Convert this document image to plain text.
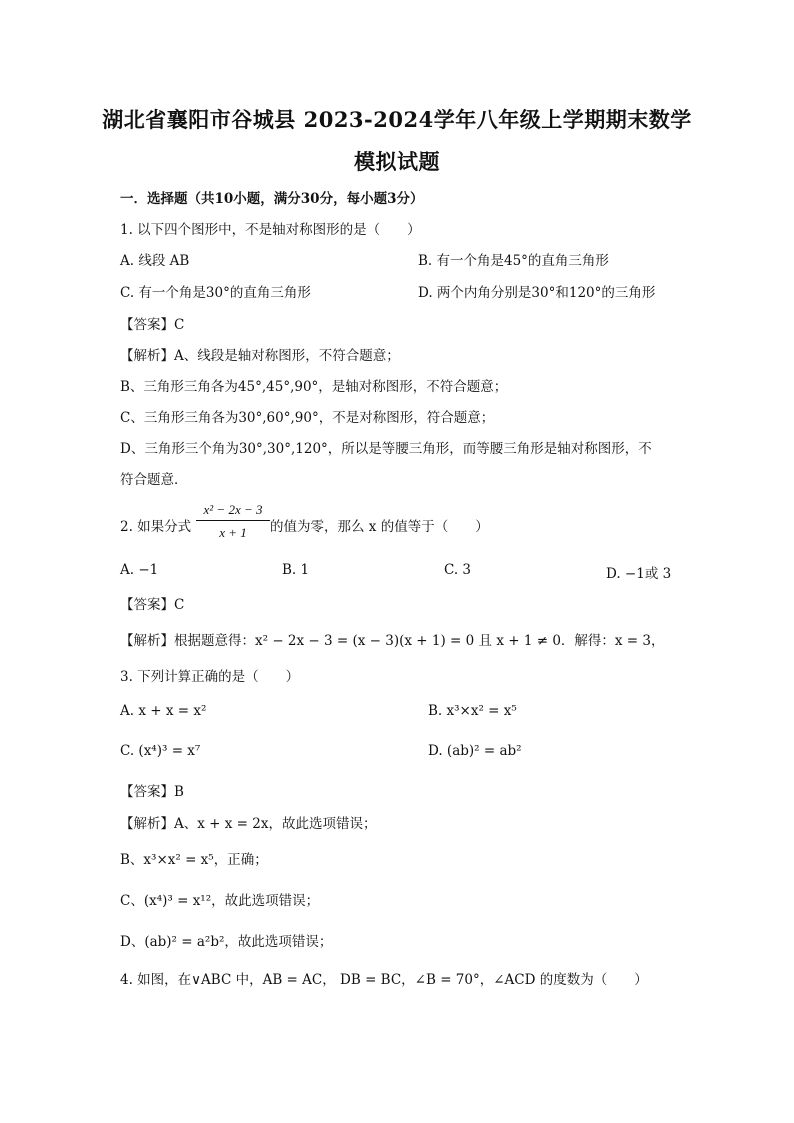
湖北省襄阳市谷城县 2023-2024学年八年级上学期期末数学
模拟试题
一．选择题（共10小题，满分30分，每小题3分）
1. 以下四个图形中，不是轴对称图形的是（　　）
A. 线段 AB	B. 有一个角是45°的直角三角形
C. 有一个角是30°的直角三角形	D. 两个内角分别是30°和120°的三角形
【答案】C
【解析】A、线段是轴对称图形，不符合题意；
B、三角形三角各为45°,45°,90°，是轴对称图形，不符合题意；
C、三角形三角各为30°,60°,90°，不是对称图形，符合题意；
D、三角形三个角为30°,30°,120°，所以是等腰三角形，而等腰三角形是轴对称图形，不
符合题意．
2. 如果分式 $\frac{\text{x² − 2x − 3}}{x + 1}$ 的值为零，那么 x 的值等于（　　）
A. −1	B. 1	C. 3	D. −1或 3
【答案】C
【解析】根据题意得：x² − 2x − 3 = (x − 3)(x + 1) = 0 且 x + 1 ≠ 0．解得：x = 3，
3. 下列计算正确的是（　　）
A. x + x = x²	B. x³×x² = x⁵
C. (x⁴)³ = x⁷	D. (ab)² = ab²
【答案】B
【解析】A、x + x = 2x，故此选项错误；
B、x³×x² = x⁵，正确；
C、(x⁴)³ = x¹²，故此选项错误；
D、(ab)² = a²b²，故此选项错误；
4. 如图，在∨ABC 中，AB = AC， DB = BC，∠B = 70°，∠ACD 的度数为（　　）
